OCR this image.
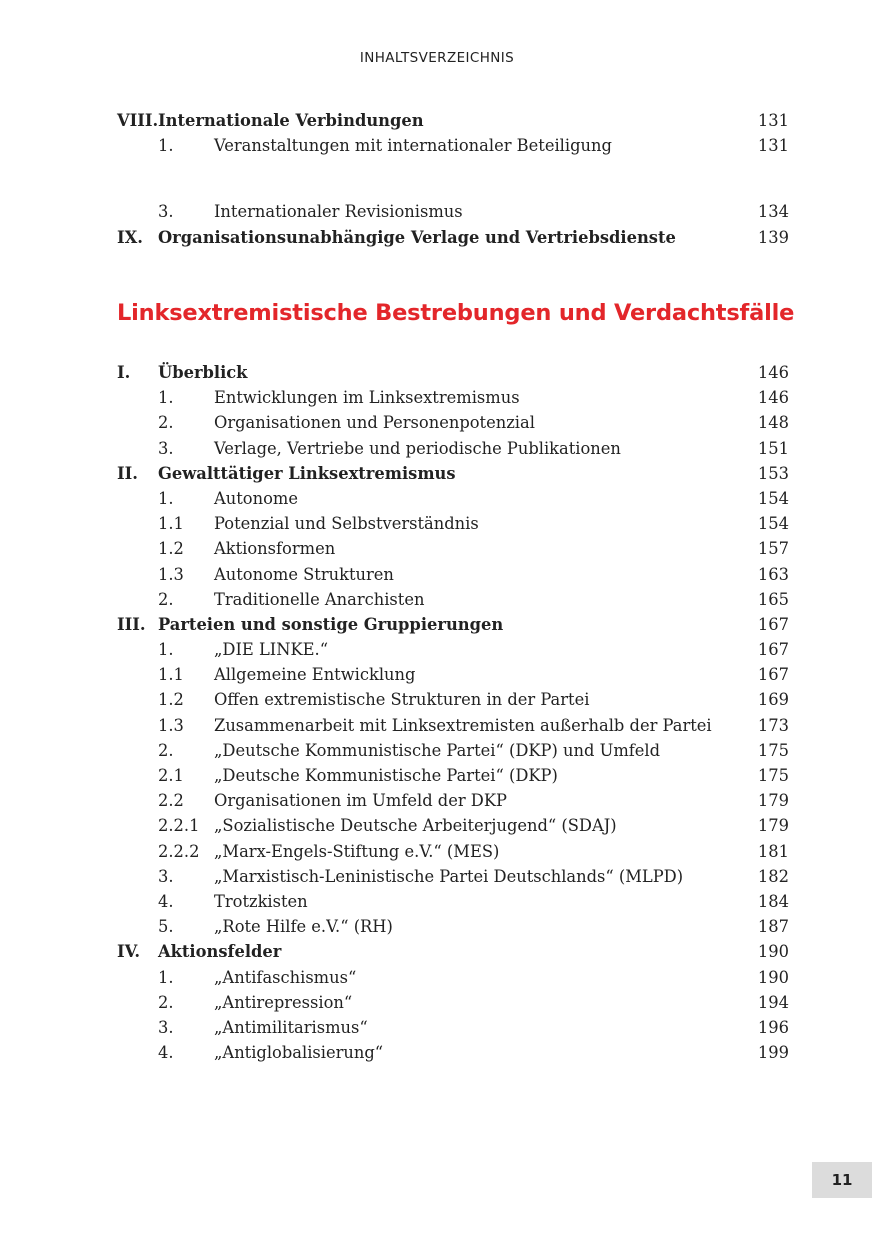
INHALTSVERZEICHNIS
VIII. Internationale Verbindungen	131
1. Veranstaltungen mit internationaler Beteiligung	131
3. Internationaler Revisionismus	134
IX. Organisationsunabhängige Verlage und Vertriebsdienste	139
Linksextremistische Bestrebungen und Verdachtsfälle
I. Überblick	146
1. Entwicklungen im Linksextremismus	146
2. Organisationen und Personenpotenzial	148
3. Verlage, Vertriebe und periodische Publikationen	151
II. Gewalttätiger Linksextremismus	153
1. Autonome	154
1.1 Potenzial und Selbstverständnis	154
1.2 Aktionsformen	157
1.3 Autonome Strukturen	163
2. Traditionelle Anarchisten	165
III. Parteien und sonstige Gruppierungen	167
1. „DIE LINKE.“	167
1.1 Allgemeine Entwicklung	167
1.2 Offen extremistische Strukturen in der Partei	169
1.3 Zusammenarbeit mit Linksextremisten außerhalb der Partei	173
2. „Deutsche Kommunistische Partei“ (DKP) und Umfeld	175
2.1 „Deutsche Kommunistische Partei“ (DKP)	175
2.2 Organisationen im Umfeld der DKP	179
2.2.1 „Sozialistische Deutsche Arbeiterjugend“ (SDAJ)	179
2.2.2 „Marx-Engels-Stiftung e.V.“ (MES)	181
3. „Marxistisch-Leninistische Partei Deutschlands“ (MLPD)	182
4. Trotzkisten	184
5. „Rote Hilfe e.V.“ (RH)	187
IV. Aktionsfelder	190
1. „Antifaschismus“	190
2. „Antirepression“	194
3. „Antimilitarismus“	196
4. „Antiglobalisierung“	199
11
